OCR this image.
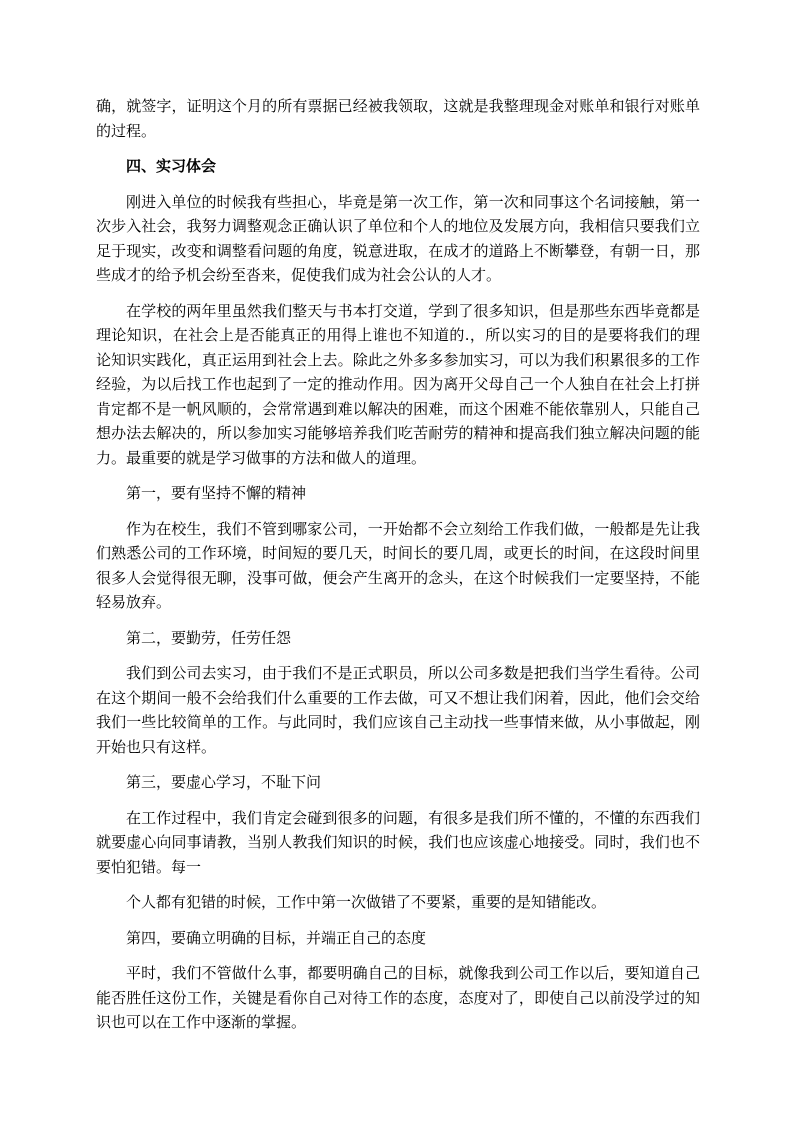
确，就签字，证明这个月的所有票据已经被我领取，这就是我整理现金对账单和银行对账单的过程。

四、实习体会

刚进入单位的时候我有些担心，毕竟是第一次工作，第一次和同事这个名词接触，第一次步入社会，我努力调整观念正确认识了单位和个人的地位及发展方向，我相信只要我们立足于现实，改变和调整看问题的角度，锐意进取，在成才的道路上不断攀登，有朝一日，那些成才的给予机会纷至沓来，促使我们成为社会公认的人才。

在学校的两年里虽然我们整天与书本打交道，学到了很多知识，但是那些东西毕竟都是理论知识，在社会上是否能真正的用得上谁也不知道的.，所以实习的目的是要将我们的理论知识实践化，真正运用到社会上去。除此之外多多参加实习，可以为我们积累很多的工作经验，为以后找工作也起到了一定的推动作用。因为离开父母自己一个人独自在社会上打拼肯定都不是一帆风顺的，会常常遇到难以解决的困难，而这个困难不能依靠别人，只能自己想办法去解决的，所以参加实习能够培养我们吃苦耐劳的精神和提高我们独立解决问题的能力。最重要的就是学习做事的方法和做人的道理。

第一，要有坚持不懈的精神

作为在校生，我们不管到哪家公司，一开始都不会立刻给工作我们做，一般都是先让我们熟悉公司的工作环境，时间短的要几天，时间长的要几周，或更长的时间，在这段时间里很多人会觉得很无聊，没事可做，便会产生离开的念头，在这个时候我们一定要坚持，不能轻易放弃。

第二，要勤劳，任劳任怨

我们到公司去实习，由于我们不是正式职员，所以公司多数是把我们当学生看待。公司在这个期间一般不会给我们什么重要的工作去做，可又不想让我们闲着，因此，他们会交给我们一些比较简单的工作。与此同时，我们应该自己主动找一些事情来做，从小事做起，刚开始也只有这样。

第三，要虚心学习，不耻下问

在工作过程中，我们肯定会碰到很多的问题，有很多是我们所不懂的，不懂的东西我们就要虚心向同事请教，当别人教我们知识的时候，我们也应该虚心地接受。同时，我们也不要怕犯错。每一

个人都有犯错的时候，工作中第一次做错了不要紧，重要的是知错能改。

第四，要确立明确的目标，并端正自己的态度

平时，我们不管做什么事，都要明确自己的目标，就像我到公司工作以后，要知道自己能否胜任这份工作，关键是看你自己对待工作的态度，态度对了，即使自己以前没学过的知识也可以在工作中逐渐的掌握。
